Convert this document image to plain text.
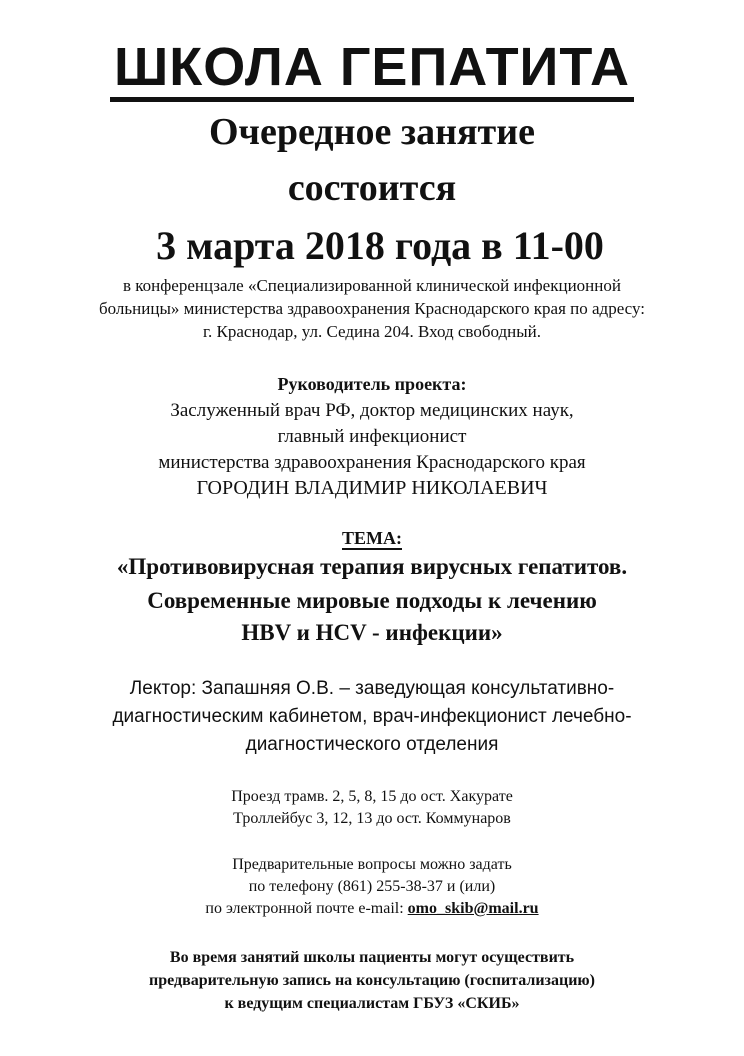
ШКОЛА ГЕПАТИТА
Очередное занятие
состоится
3 марта 2018 года в 11-00
в конференцзале «Специализированной клинической инфекционной
больницы» министерства здравоохранения Краснодарского края по адресу:
г. Краснодар, ул. Седина 204. Вход свободный.
Руководитель проекта:
Заслуженный врач РФ, доктор медицинских наук,
главный инфекционист
министерства здравоохранения Краснодарского края
ГОРОДИН ВЛАДИМИР НИКОЛАЕВИЧ
ТЕМА:
«Противовирусная терапия вирусных гепатитов.
Современные мировые подходы к лечению
HBV и HCV - инфекции»
Лектор: Запашняя О.В. – заведующая консультативно-
диагностическим кабинетом, врач-инфекционист лечебно-
диагностического отделения
Проезд трамв. 2, 5, 8, 15 до ост. Хакурате
Троллейбус 3, 12, 13 до ост. Коммунаров
Предварительные вопросы можно задать
по телефону (861) 255-38-37 и (или)
по электронной почте e-mail: omo_skib@mail.ru
Во время занятий школы пациенты могут осуществить
предварительную запись на консультацию (госпитализацию)
к ведущим специалистам ГБУЗ «СКИБ»
